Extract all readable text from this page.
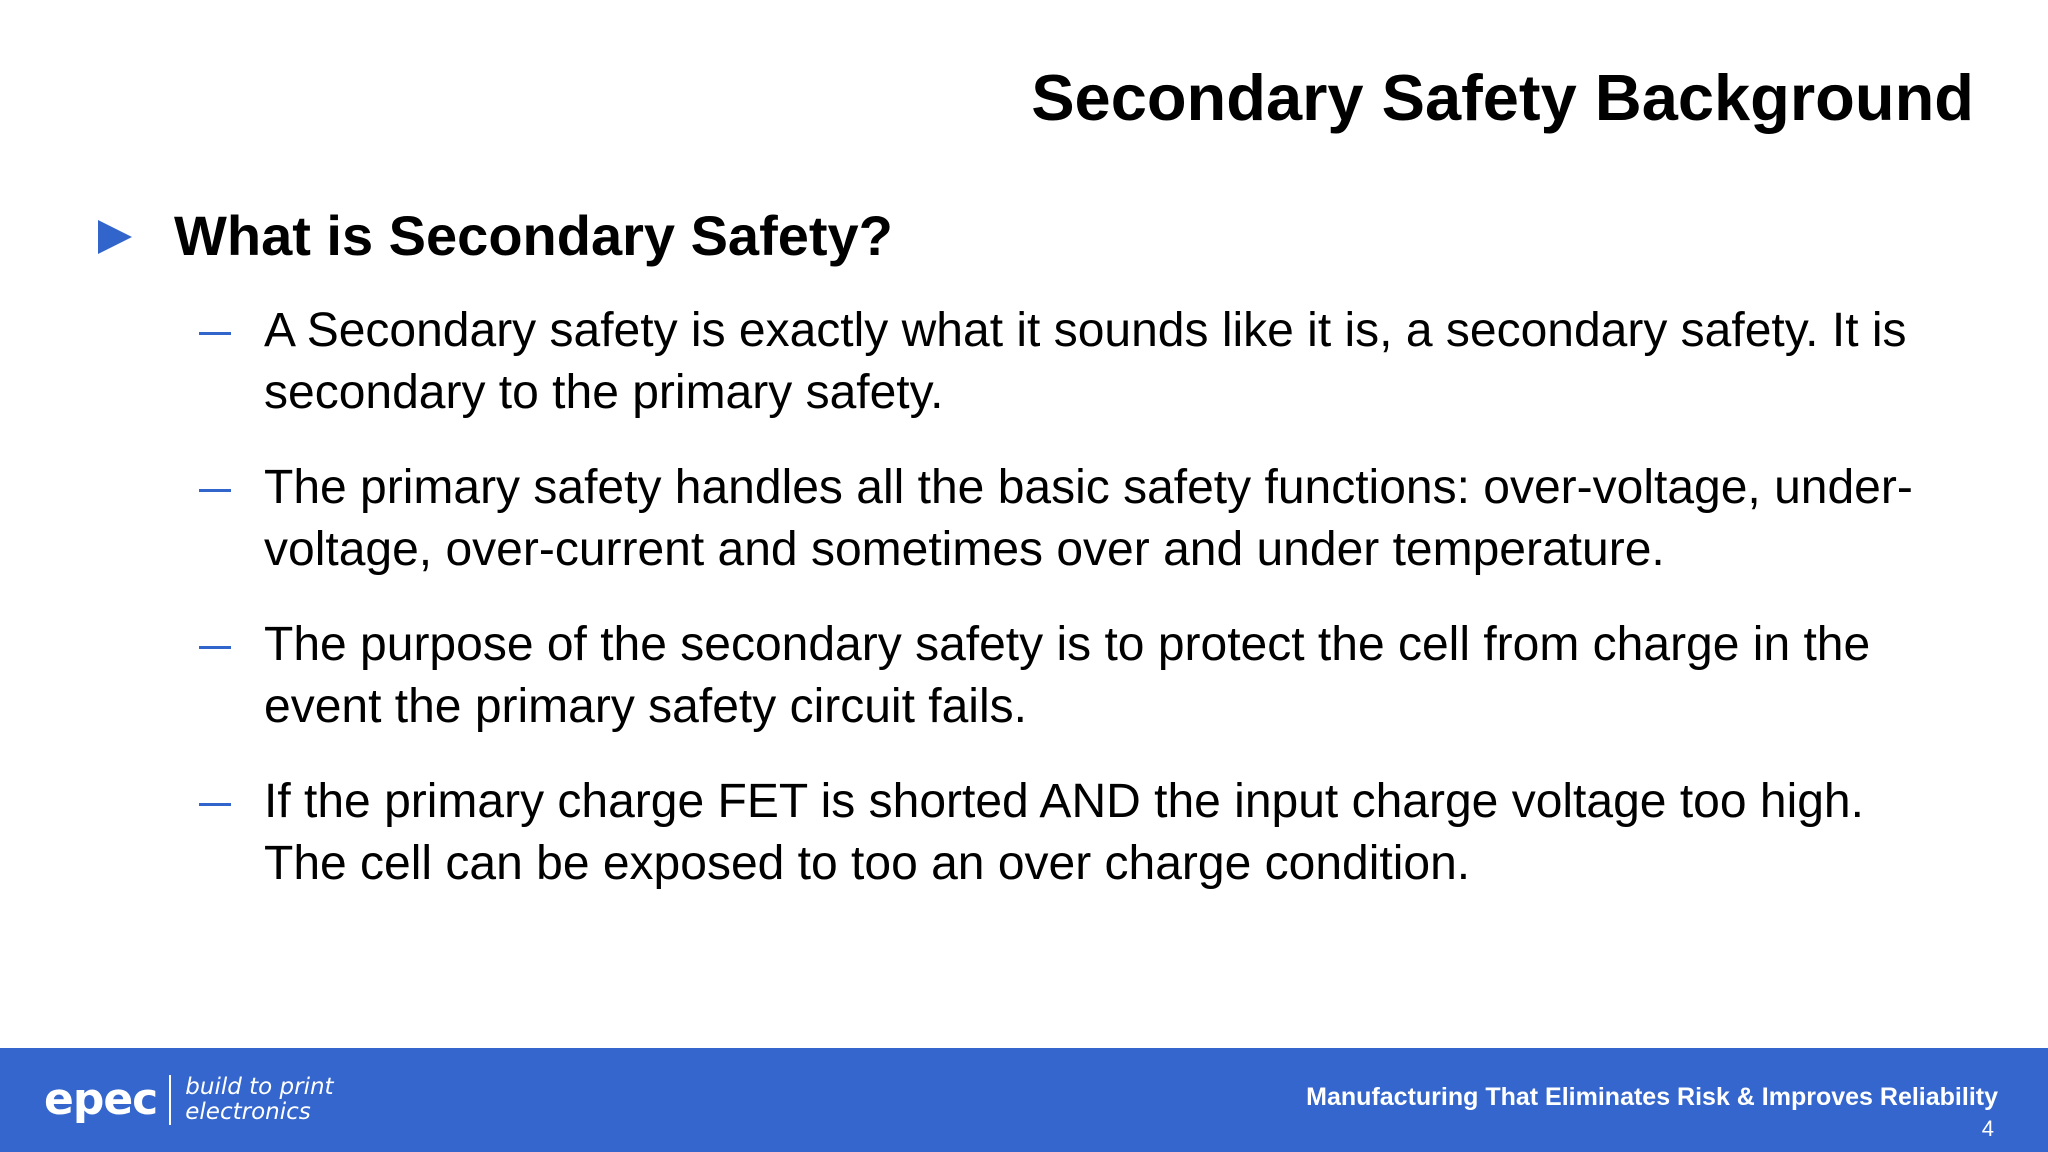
Secondary Safety Background
What is Secondary Safety?
A Secondary safety is exactly what it sounds like it is, a secondary safety. It is secondary to the primary safety.
The primary safety handles all the basic safety functions: over-voltage, under-voltage, over-current and sometimes over and under temperature.
The purpose of the secondary safety is to protect the cell from charge in the event the primary safety circuit fails.
If the primary charge FET is shorted AND the input charge voltage too high. The cell can be exposed to too an over charge condition.
epec build to print
electronics
Manufacturing That Eliminates Risk & Improves Reliability
4
